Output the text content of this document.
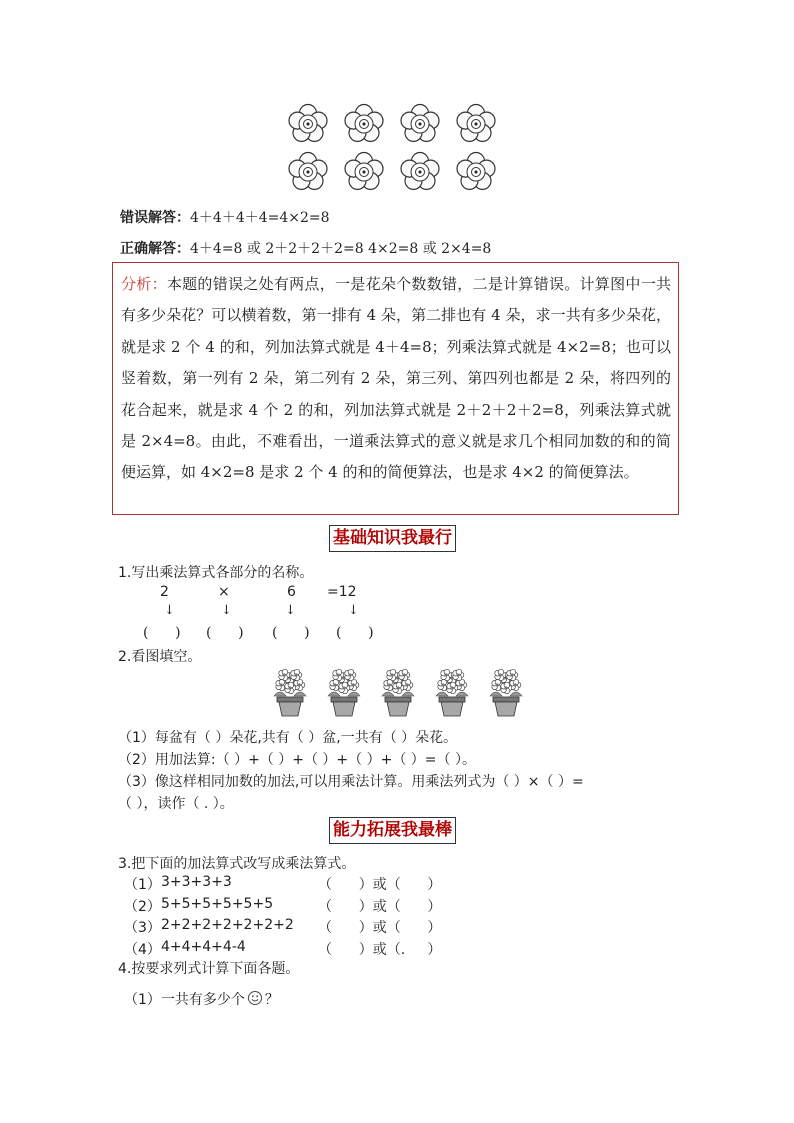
错误解答：4＋4＋4＋4=4×2=8
正确解答：4＋4=8 或 2＋2＋2＋2=8 4×2=8 或 2×4=8
分析：本题的错误之处有两点，一是花朵个数数错，二是计算错误。计算图中一共有多少朵花？可以横着数，第一排有 4 朵，第二排也有 4 朵，求一共有多少朵花，就是求 2 个 4 的和，列加法算式就是 4＋4=8；列乘法算式就是 4×2=8；也可以竖着数，第一列有 2 朵，第二列有 2 朵，第三列、第四列也都是 2 朵，将四列的花合起来，就是求 4 个 2 的和，列加法算式就是 2＋2＋2＋2=8，列乘法算式就是 2×4=8。由此，不难看出，一道乘法算式的意义就是求几个相同加数的和的简便运算，如 4×2=8 是求 2 个 4 的和的简便算法，也是求 4×2 的简便算法。
基础知识我最行
1.写出乘法算式各部分的名称。
2	×	6 =12
↓	↓	↓	↓
(      ) (      ) (      ) (      )
2.看图填空。
（1）每盆有（ ）朵花,共有（ ）盆,一共有（ ）朵花。
（2）用加法算:（ ）+（ ）+（ ）+（ ）+（ ）=（ ）。
（3）像这样相同加数的加法,可以用乘法计算。用乘法列式为（ ）×（ ）=
（ ），读作（ . ）。
能力拓展我最棒
3.把下面的加法算式改写成乘法算式。
（1） 3+3+3+3	（      ）或（      ）
（2） 5+5+5+5+5+5	（      ）或（      ）
（3） 2+2+2+2+2+2+2 （      ）或（      ）
（4） 4+4+4+4-4	（      ）或（.     ）
4.按要求列式计算下面各题。
（1）一共有多少个 ？
